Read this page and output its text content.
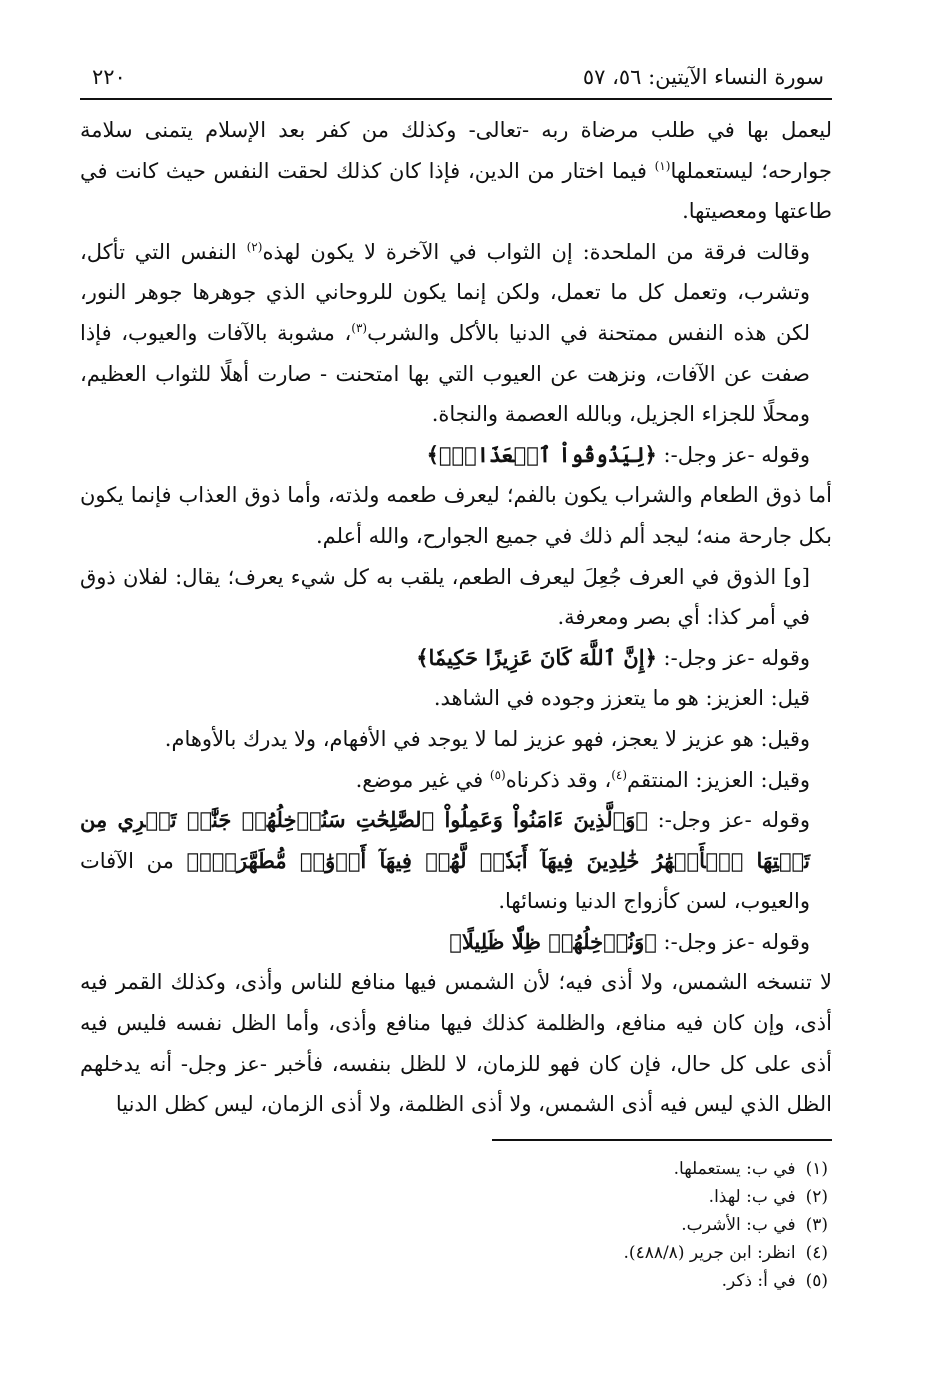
سورة النساء الآيتين: ٥٦، ٥٧
٢٢٠

ليعمل بها في طلب مرضاة ربه -تعالى- وكذلك من كفر بعد الإسلام يتمنى سلامة جوارحه؛ ليستعملها$^{(١)}$ فيما اختار من الدين، فإذا كان كذلك لحقت النفس حيث كانت في طاعتها ومعصيتها.

وقالت فرقة من الملحدة: إن الثواب في الآخرة لا يكون لهذه$^{(٢)}$ النفس التي تأكل، وتشرب، وتعمل كل ما تعمل، ولكن إنما يكون للروحاني الذي جوهرها جوهر النور، لكن هذه النفس ممتحنة في الدنيا بالأكل والشرب$^{(٣)}$، مشوبة بالآفات والعيوب، فإذا صفت عن الآفات، ونزهت عن العيوب التي بها امتحنت - صارت أهلًا للثواب العظيم، ومحلًا للجزاء الجزيل، وبالله العصمة والنجاة.

وقوله -عز وجل-: ﴿لِيَذُوقُواْ ٱلۡعَذَابَۗ﴾

أما ذوق الطعام والشراب يكون بالفم؛ ليعرف طعمه ولذته، وأما ذوق العذاب فإنما يكون بكل جارحة منه؛ ليجد ألم ذلك في جميع الجوارح، والله أعلم.

[و] الذوق في العرف جُعِلَ ليعرف الطعم، يلقب به كل شيء يعرف؛ يقال: لفلان ذوق في أمر كذا: أي بصر ومعرفة.

وقوله -عز وجل-: ﴿إِنَّ ٱللَّهَ كَانَ عَزِيزًا حَكِيمٗا﴾

قيل: العزيز: هو ما يتعزز وجوده في الشاهد.

وقيل: هو عزيز لا يعجز، فهو عزيز لما لا يوجد في الأفهام، ولا يدرك بالأوهام.

وقيل: العزيز: المنتقم$^{(٤)}$، وقد ذكرناه$^{(٥)}$ في غير موضع.

وقوله -عز وجل-: ﴿وَٱلَّذِينَ ءَامَنُواْ وَعَمِلُواْ ٱلصَّٰلِحَٰتِ سَنُدۡخِلُهُمۡ جَنَّٰتٖ تَجۡرِي مِن تَحۡتِهَا ٱلۡأَنۡهَٰرُ خَٰلِدِينَ فِيهَآ أَبَدٗاۖ لَّهُمۡ فِيهَآ أَزۡوَٰجٞ مُّطَهَّرَةٞۖ﴾ من الآفات والعيوب، لسن كأزواج الدنيا ونسائها.

وقوله -عز وجل-: ﴿وَنُدۡخِلُهُمۡ ظِلّٗا ظَلِيلًا﴾

لا تنسخه الشمس، ولا أذى فيه؛ لأن الشمس فيها منافع للناس وأذى، وكذلك القمر فيه أذى، وإن كان فيه منافع، والظلمة كذلك فيها منافع وأذى، وأما الظل نفسه فليس فيه أذى على كل حال، فإن كان فهو للزمان، لا للظل بنفسه، فأخبر -عز وجل- أنه يدخلهم الظل الذي ليس فيه أذى الشمس، ولا أذى الظلمة، ولا أذى الزمان، ليس كظل الدنيا

(١)
في ب: يستعملها.
(٢)
في ب: لهذا.
(٣)
في ب: الأشرب.
(٤)
انظر: ابن جرير (٤٨٨/٨).
(٥)
في أ: ذكر.
